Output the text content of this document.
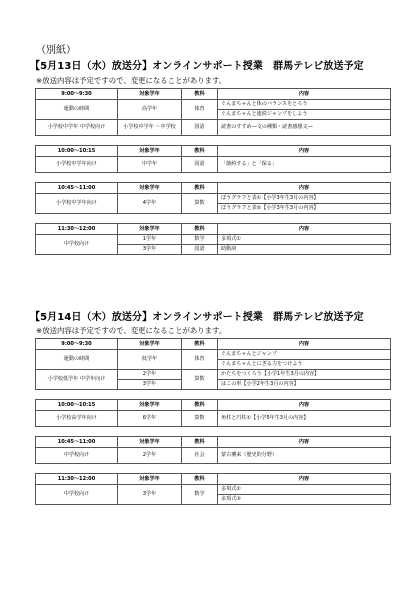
（別紙）
【5月13日（水）放送分】オンラインサポート授業　群馬テレビ放送予定
※放送内容は予定ですので、変更になることがあります。
9:00〜9:30	対象学年	教科	内容
運動の時間	高学年	体育	ぐんまちゃんと体のバランスをとろう
			ぐんまちゃんと連続ジャンプをしよう
小学校中学年 中学校向け	小学校中学年 〜中学校	国語	読書のすすめ―文の種類・読書感想文―

10:00〜10:15	対象学年	教科	内容
小学校中学年向け	中学年	国語	「節約する」と「保る」

10:45〜11:00	対象学年	教科	内容
小学校中学年向け	4学年	算数	ぼうグラフと表①【小学3年生3月の内容】
			ぼうグラフと表②【小学3年生3月の内容】

11:30〜12:00	対象学年	教科	内容
中学校向け	1学年	数学	多項式①
	3学年	国語	助動詞
【5月14日（木）放送分】オンラインサポート授業　群馬テレビ放送予定
※放送内容は予定ですので、変更になることがあります。
9:00〜9:30	対象学年	教科	内容
運動の時間	低学年	体育	ぐんまちゃんとジャンプ
			ぐんまちゃんとにぎる力をつけよう
小学校低学年 中学年向け	2学年	算数	かたちをつくろう【小学1年生3月の内容】
	3学年		はこの形【小学2年生3月の内容】

10:00〜10:15	対象学年	教科	内容
小学校高学年向け	6学年	算数	角柱と円柱①【小学5年生3月の内容】

10:45〜11:00	対象学年	教科	内容
中学校向け	2学年	社会	蒙古襲来（歴史的分野）

11:30〜12:00	対象学年	教科	内容
中学校向け	3学年	数学	多項式②
			多項式③
